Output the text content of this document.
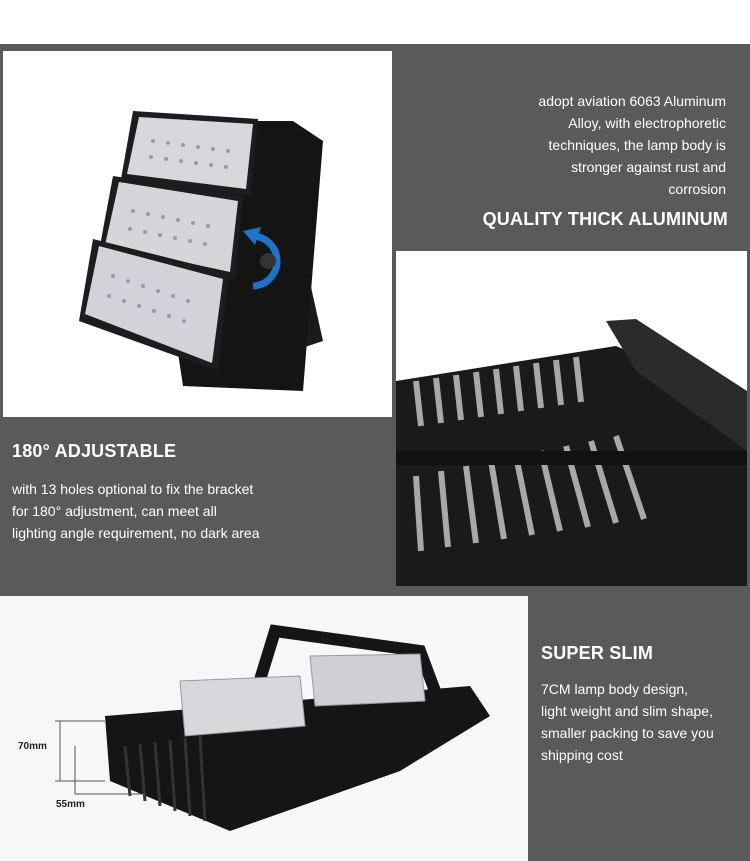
70mm
55mm
adopt aviation 6063 Aluminum
Alloy, with electrophoretic
techniques, the lamp body is
stronger against rust and
corrosion
QUALITY THICK ALUMINUM
180° ADJUSTABLE
with 13 holes optional to fix the bracket
for 180° adjustment, can meet all
lighting angle requirement, no dark area
SUPER SLIM
7CM lamp body design,
light weight and slim shape,
smaller packing to save you
shipping cost
